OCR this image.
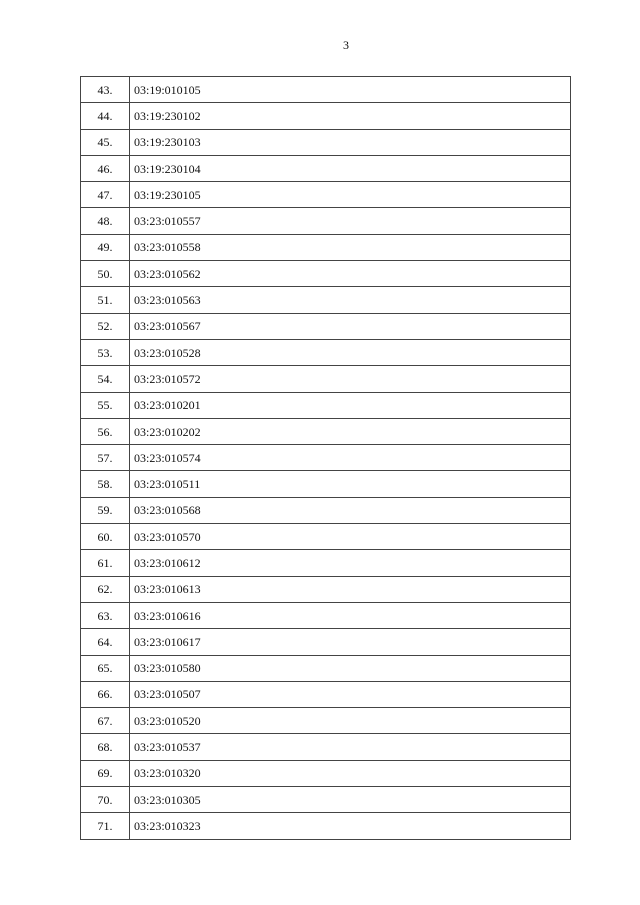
3
43.	03:19:010105
44.	03:19:230102
45.	03:19:230103
46.	03:19:230104
47.	03:19:230105
48.	03:23:010557
49.	03:23:010558
50.	03:23:010562
51.	03:23:010563
52.	03:23:010567
53.	03:23:010528
54.	03:23:010572
55.	03:23:010201
56.	03:23:010202
57.	03:23:010574
58.	03:23:010511
59.	03:23:010568
60.	03:23:010570
61.	03:23:010612
62.	03:23:010613
63.	03:23:010616
64.	03:23:010617
65.	03:23:010580
66.	03:23:010507
67.	03:23:010520
68.	03:23:010537
69.	03:23:010320
70.	03:23:010305
71.	03:23:010323
